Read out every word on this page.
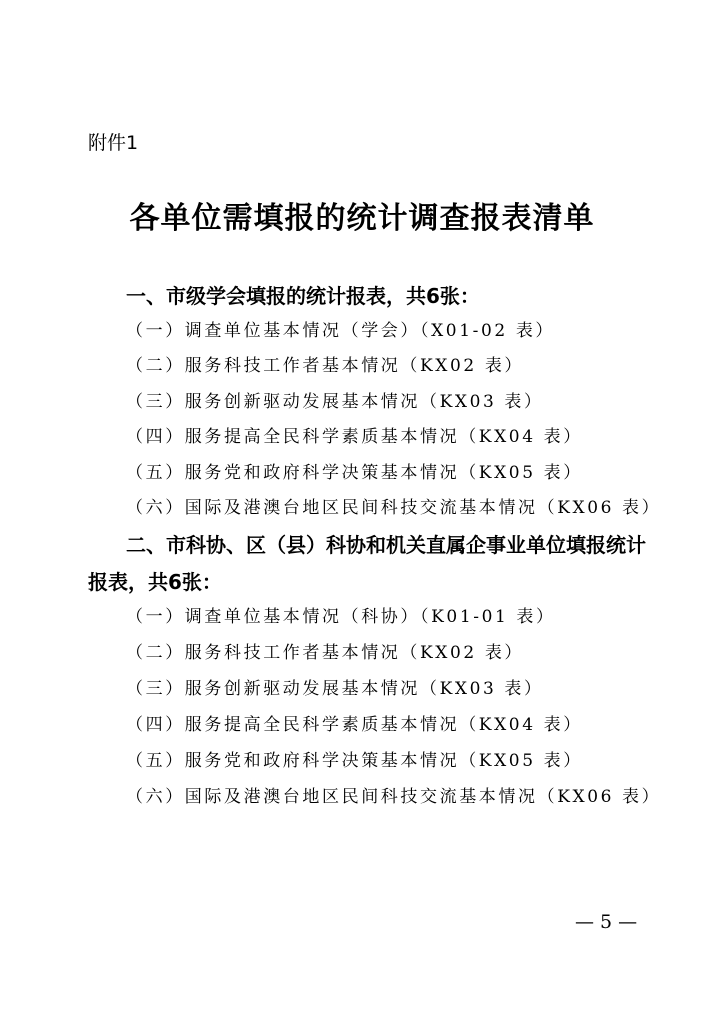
附件1
各单位需填报的统计调查报表清单
一、市级学会填报的统计报表，共6张：
（一）调查单位基本情况（学会）（X01-02 表）
（二）服务科技工作者基本情况（KX02 表）
（三）服务创新驱动发展基本情况（KX03 表）
（四）服务提高全民科学素质基本情况（KX04 表）
（五）服务党和政府科学决策基本情况（KX05 表）
（六）国际及港澳台地区民间科技交流基本情况（KX06 表）
二、市科协、区（县）科协和机关直属企事业单位填报统计
报表，共6张：
（一）调查单位基本情况（科协）（K01-01 表）
（二）服务科技工作者基本情况（KX02 表）
（三）服务创新驱动发展基本情况（KX03 表）
（四）服务提高全民科学素质基本情况（KX04 表）
（五）服务党和政府科学决策基本情况（KX05 表）
（六）国际及港澳台地区民间科技交流基本情况（KX06 表）
— 5 —
